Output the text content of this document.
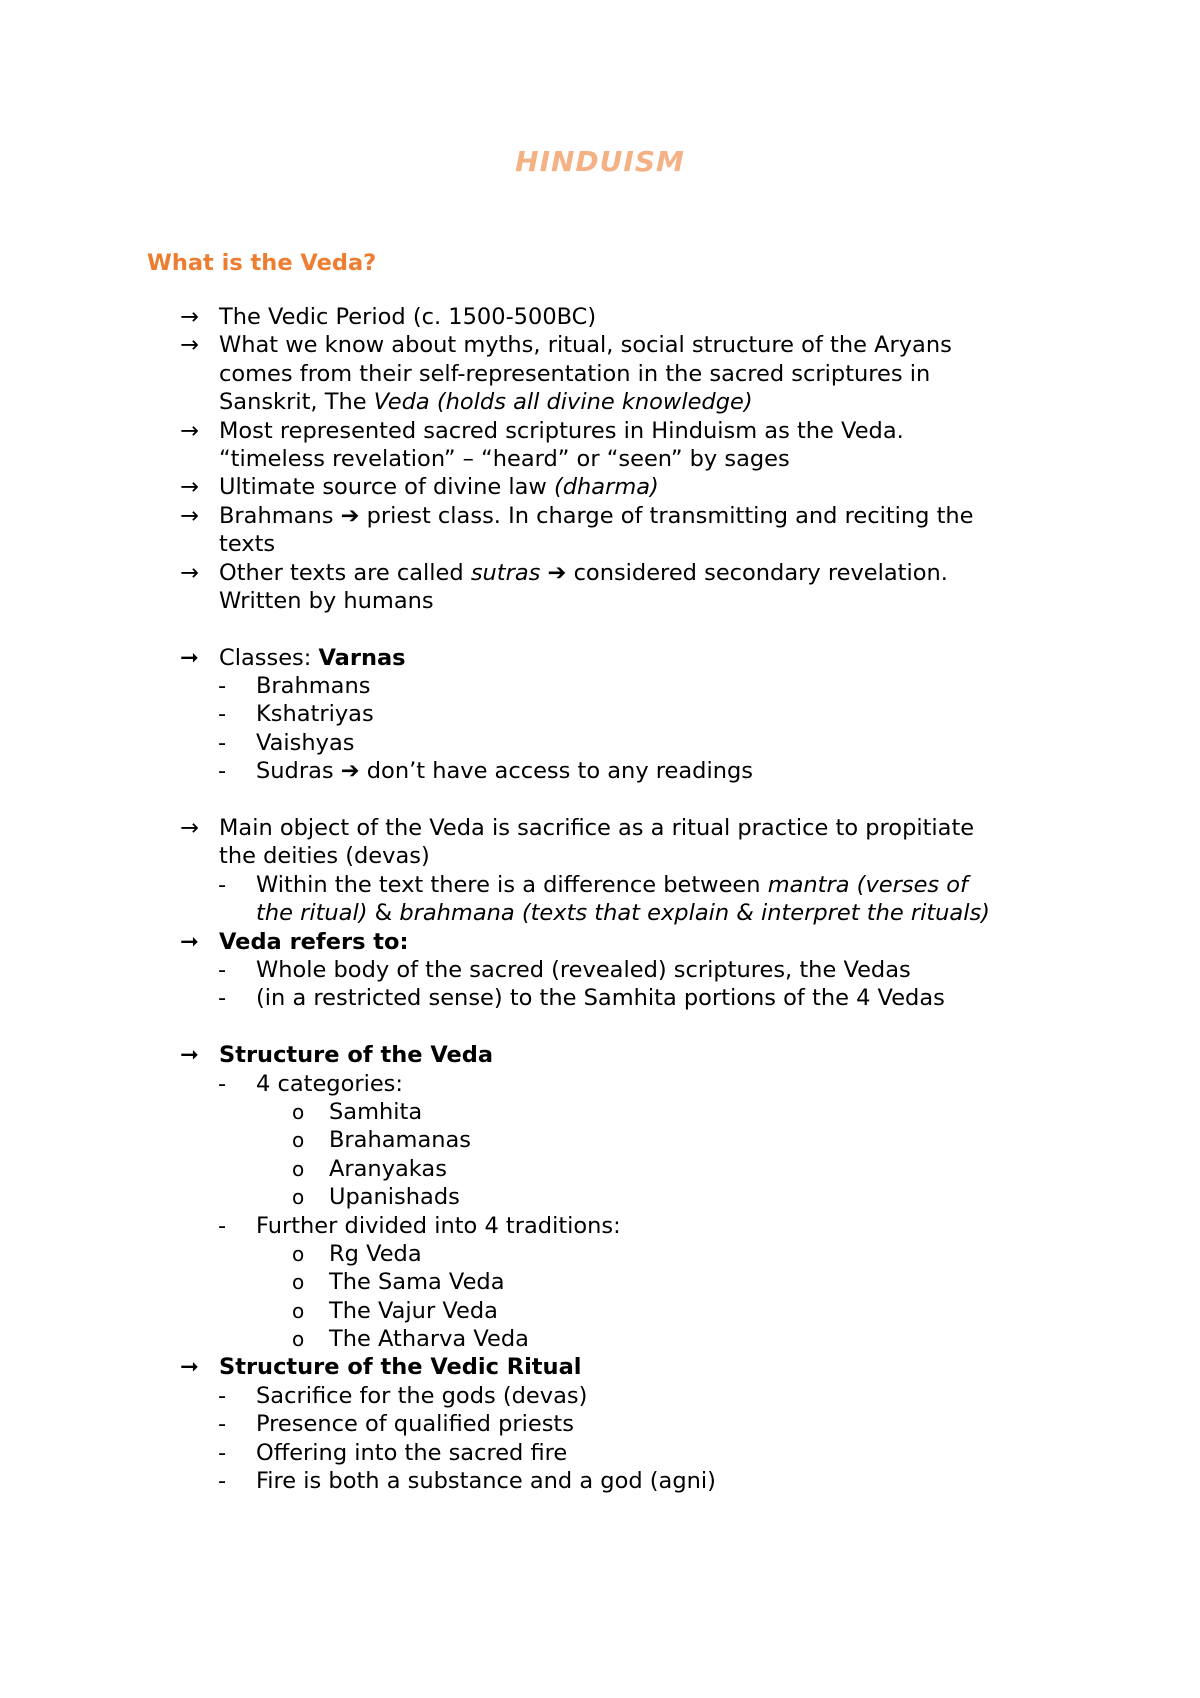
HINDUISM
What is the Veda?
→ The Vedic Period (c. 1500-500BC)
→ What we know about myths, ritual, social structure of the Aryans
comes from their self-representation in the sacred scriptures in
Sanskrit, The Veda (holds all divine knowledge)
→ Most represented sacred scriptures in Hinduism as the Veda.
“timeless revelation” – “heard” or “seen” by sages
→ Ultimate source of divine law (dharma)
→ Brahmans ➔ priest class. In charge of transmitting and reciting the
texts
→ Other texts are called sutras ➔ considered secondary revelation.
Written by humans
➞ Classes: Varnas
- Brahmans
- Kshatriyas
- Vaishyas
- Sudras ➔ don’t have access to any readings
→ Main object of the Veda is sacrifice as a ritual practice to propitiate
the deities (devas)
- Within the text there is a difference between mantra (verses of
the ritual) & brahmana (texts that explain & interpret the rituals)
➞ Veda refers to:
- Whole body of the sacred (revealed) scriptures, the Vedas
- (in a restricted sense) to the Samhita portions of the 4 Vedas
➞ Structure of the Veda
- 4 categories:
o Samhita
o Brahamanas
o Aranyakas
o Upanishads
- Further divided into 4 traditions:
o Rg Veda
o The Sama Veda
o The Vajur Veda
o The Atharva Veda
➞ Structure of the Vedic Ritual
- Sacrifice for the gods (devas)
- Presence of qualified priests
- Offering into the sacred fire
- Fire is both a substance and a god (agni)
